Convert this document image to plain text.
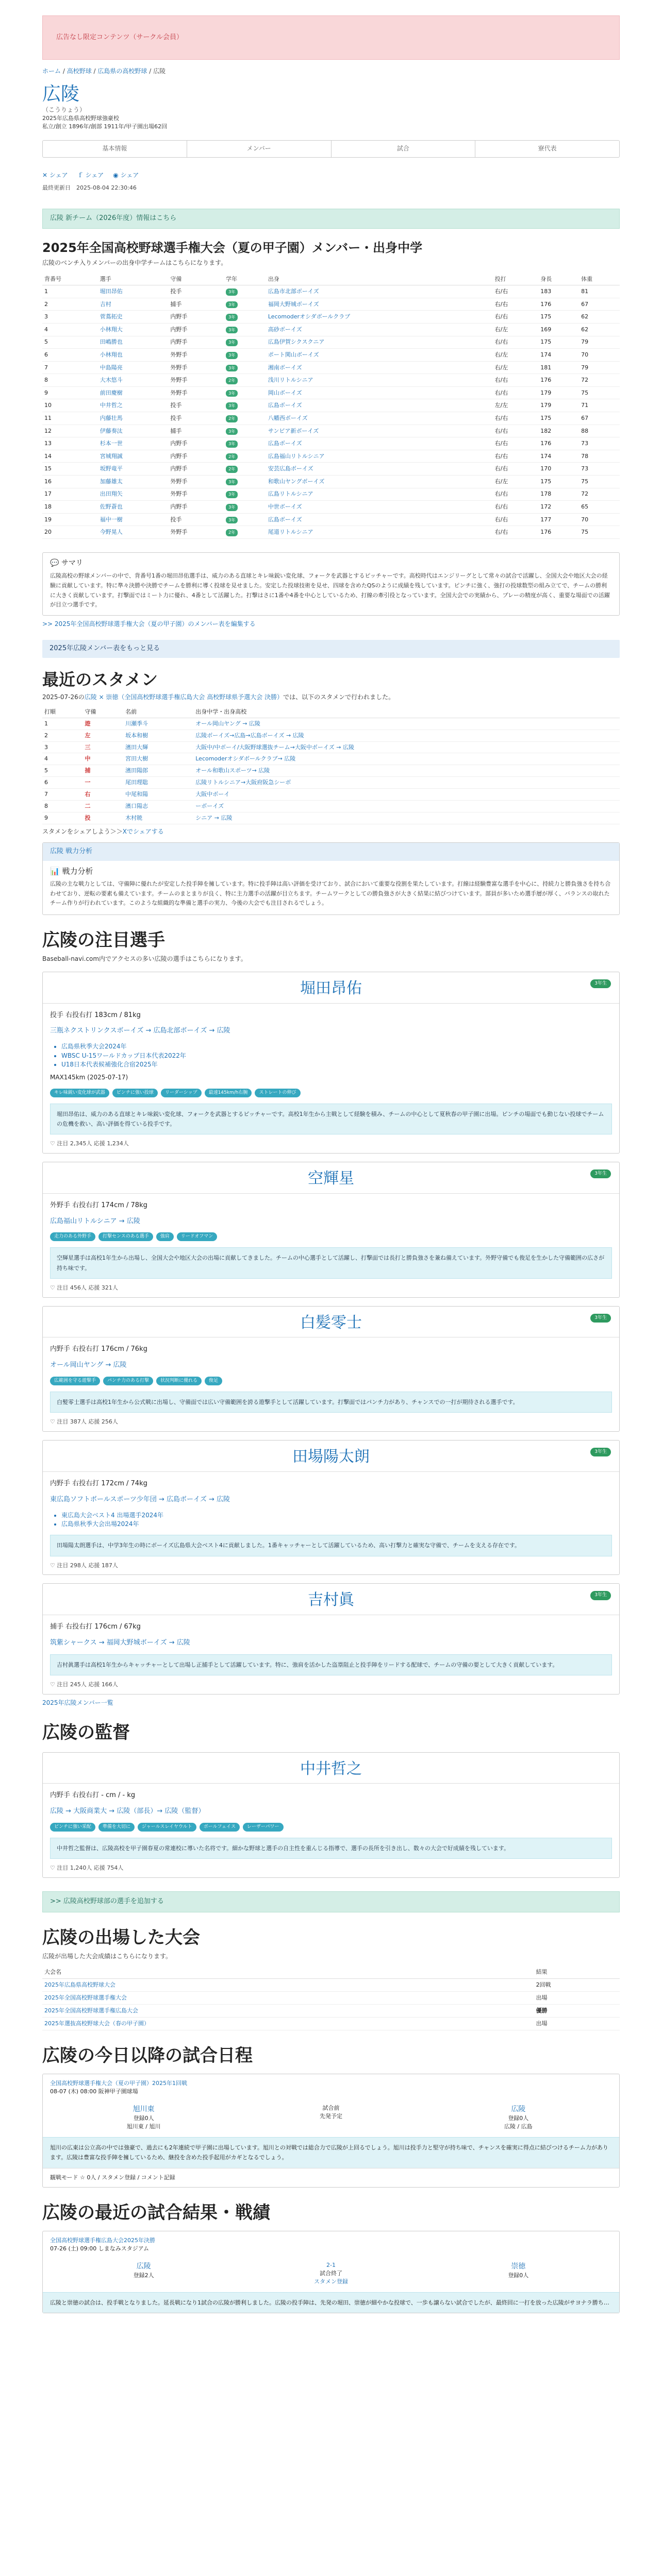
広告なし限定コンテンツ（サークル会員）
ホーム / 高校野球 / 広島県の高校野球 / 広陵
広陵
（こうりょう）
2025年広島県高校野球強豪校
私立/創立 1896年/創部 1911年/甲子園出場62回
基本情報	メンバー	試合	寮代表
✕ シェア ｆ シェア ◉ シェア
最終更新日　 2025-08-04 22:30:46
広陵 新チーム（2026年度）情報はこちら
2025年全国高校野球選手権大会（夏の甲子園）メンバー・出身中学
広陵のベンチ入りメンバーの出身中学チームはこちらになります。
背番号	選手	守備	学年	出身	投打	身長	体重
1	堀田昂佑	投手	3年	広島市北部ボーイズ	右/右	183	81
2	吉村	捕手	3年	福岡大野城ボーイズ	右/右	176	67
3	菅蔦拓史	内野手	3年	Lecomoderオシダボールクラブ	右/右	175	62
4	小林翔大	内野手	3年	高砂ボーイズ	右/左	169	62
5	田嶋勝也	内野手	3年	広島伊賀シクスクニア	右/右	175	79
6	小林翔也	外野手	3年	ポート関山ボーイズ	右/左	174	70
7	中島陽亮	外野手	3年	湘南ボーイズ	右/左	181	79
8	大木悠斗	外野手	2年	浅川リトルシニア	右/右	176	72
9	前田慶樹	外野手	3年	岡山ボーイズ	右/右	179	75
10	中井哲之	投手	3年	広島ボーイズ	左/左	179	71
11	内藤壮馬	投手	2年	八幡西ボーイズ	右/右	175	67
12	伊藤奏汰	捕手	3年	サンビア新ボーイズ	右/右	182	88
13	杉本一世	内野手	3年	広島ボーイズ	右/右	176	73
14	宮城翔誠	内野手	2年	広島福山リトルシニア	右/右	174	78
15	坂野竜平	内野手	2年	安芸広島ボーイズ	右/右	170	73
16	加藤雄太	外野手	3年	和歌山ヤングボーイズ	右/左	175	75
17	出田翔矢	外野手	3年	広島リトルシニア	右/右	178	72
18	佐野蒼也	内野手	3年	中世ボーイズ	右/右	172	65
19	福中一樹	投手	3年	広島ボーイズ	右/右	177	70
20	今野晃人	外野手	2年	尾道リトルシニア	右/右	176	75
💬 サマリ

広陵高校の野球メンバーの中で、背番号1番の堀田昂佑選手は、威力のある直球とキレ味鋭い変化球、フォークを武器とするピッチャーです。高校時代はエンジリーグとして常々の試合で活躍し、全国大会や地区大会の経験に貢献しています。特に準々決勝や決勝でチームを勝利に導く投球を見せました。安定した投球技術を見せ、四球を含めたQSのように成績を残しています。ピンチに強く、強打の投球数型の組み立てで、チームの勝利に大きく貢献しています。打撃面ではミート力に優れ、4番として活躍した。打撃はさに1番や4番を中心としているため、打線の牽引役となっています。全国大会での実績から、プレーの精度が高く、重要な場面での活躍が目立つ選手です。

>> 2025年全国高校野球選手権大会（夏の甲子園）のメンバー表を編集する
2025年広陵メンバー表をもっと見る
最近のスタメン
2025-07-26の広陵 × 崇徳（全国高校野球選手権広島大会 高校野球県予選大会 決勝）では、以下のスタメンで行われました。
打順	守備	名前	出身中学・出身高校
1	遊	川瀬季斗	オール岡山ヤング → 広陵
2	左	坂本和樹	広陵ボーイズ→広島→広島ボーイズ → 広陵
3	三	濱田大輝	大阪中/中ボーイ/大阪野球選抜チーム→大阪中ボーイズ → 広陵
4	中	宮田大樹	Lecomoderオシダボールクラブ→ 広陵
5	捕	濱田陽郎	オール和歌山スポーツ→ 広陵
6	一	尾田理聡	広陵リトルシニア→大阪府阪急シーボ
7	右	中尾和陽	大阪中ボーイ
8	二	濱口陽志	ーボーイズ
9	投	木村暁	シニア → 広陵
スタメンをシェアしよう＞＞Xでシェアする
広陵 戦力分析
📊 戦力分析

広陵の主な戦力としては、守備陣に優れたが安定した投手陣を擁しています。特に投手陣は高い評価を受けており、試合において重要な役割を果たしています。打線は経験豊富な選手を中心に、持続力と勝負強さを持ち合わせており、逆転の要素も備えています。チームのまとまりが良く、特に主力選手の活躍が目立ちます。チームワークとしての勝負強さが大きく結果に結びつけています。部員が多いため選手層が厚く、バランスの取れたチーム作りが行われています。このような組織的な準備と選手の実力、今後の大会でも注目されるでしょう。

広陵の注目選手
Baseball-navi.com内でアクセスの多い広陵の選手はこちらになります。
堀田昂佑	3年生
投手 右投右打 183cm / 81kg
三瓶ネクストリンクスボーイズ → 広島北部ボーイズ → 広陵
• 広島県秋季大会2024年
• WBSC U-15ワールドカップ日本代表2022年
• U18日本代表候補強化合宿2025年
MAX145km (2025-07-17)
キレ味鋭い変化球が武器	ピンチに強い投球	リーダーシップ	最速145km/h右腕	ストレートの伸び
堀田昂佑は、威力のある直球とキレ味鋭い変化球、フォークを武器とするピッチャーです。高校1年生から主戦として経験を積み、チームの中心として夏秋春の甲子園に出場。ピンチの場面でも動じない投球でチームの危機を救い、高い評価を得ている投手です。
♡ 注目 2,345人 応援 1,234人
空輝星	3年生
外野手 右投右打 174cm / 78kg
広島福山リトルシニア → 広陵
走力のある外野手	打撃センスのある選手	強肩	リードオフマン
空輝星選手は高校1年生から出場し、全国大会や地区大会の出場に貢献してきました。チームの中心選手として活躍し、打撃面では長打と勝負強さを兼ね備えています。外野守備でも俊足を生かした守備範囲の広さが持ち味です。
♡ 注目 456人 応援 321人
白髪零士	3年生
内野手 右投右打 176cm / 76kg
オール岡山ヤング → 広陵
広範囲を守る遊撃手	パンチ力のある打撃	状況判断に優れる	俊足
白髪零士選手は高校1年生から公式戦に出場し、守備面では広い守備範囲を誇る遊撃手として活躍しています。打撃面ではパンチ力があり、チャンスでの一打が期待される選手です。
♡ 注目 387人 応援 256人
田場陽太朗	3年生
内野手 右投右打 172cm / 74kg
東広島ソフトボールスポーツ少年団 → 広島ボーイズ → 広陵
• 東広島大会ベスト4 出場選手2024年
• 広島県秋季大会出場2024年
田場陽太朗選手は、中学3年生の時にボーイズ広島県大会ベスト4に貢献しました。1番キャッチャーとして活躍しているため、高い打撃力と確実な守備で、チームを支える存在です。
♡ 注目 298人 応援 187人
吉村眞	3年生
捕手 右投右打 176cm / 67kg
筑紫シャークス → 福岡大野城ボーイズ → 広陵
吉村眞選手は高校1年生からキャッチャーとして出場し正捕手として活躍しています。特に、強肩を活かした盗塁阻止と投手陣をリードする配球で、チームの守備の要として大きく貢献しています。
♡ 注目 245人 応援 166人
2025年広陵メンバー一覧
広陵の監督
中井哲之
内野手 右投右打 - cm / - kg
広陵 → 大阪商業大 → 広陵（部長）→ 広陵（監督）
ピンチに強い采配	準備を大切に	ジャールスレイヤウルト	ボールフェイス	レーザーパワー
中井哲之監督は、広陵高校を甲子園春夏の常連校に導いた名将です。細かな野球と選手の自主性を重んじる指導で、選手の長所を引き出し、数々の大会で好成績を残しています。
♡ 注目 1,240人 応援 754人
>> 広陵高校野球部の選手を追加する
広陵の出場した大会
広陵が出場した大会成績はこちらになります。
大会名	結果
2025年広島県高校野球大会	2回戦
2025年全国高校野球選手権大会	出場
2025年全国高校野球選手権広島大会	優勝
2025年選抜高校野球大会（春の甲子園）	出場
広陵の今日以降の試合日程
全国高校野球選手権大会（夏の甲子園）2025年1回戦
08-07 (木) 08:00 阪神甲子園球場
旭川東
登録0人
旭川東 / 旭川
試合前
先発予定
広陵
登録0人
広陵 / 広島
旭川の広東は公立高の中では強豪で、過去にも2年連続で甲子園に出場しています。旭川との対戦では総合力で広陵が上回るでしょう。旭川は投手力と堅守が持ち味で、チャンスを確実に得点に結びつけるチーム力があります。広陵は豊富な投手陣を擁しているため、継投を含めた投手起用がカギとなるでしょう。
観戦モード ☆ 0人 / スタメン登録 / コメント記録
広陵の最近の試合結果・戦績
全国高校野球選手権広島大会2025年決勝
07-26 (土) 09:00 しまなみスタジアム
広陵
登録2人
2-1
試合終了
スタメン登録
崇徳
登録0人
広陵と崇徳の試合は、投手戦となりました。延長戦になり1試合の広陵が勝利しました。広陵の投手陣は、先発の堀田、崇徳が細やかな投球で、一歩も譲らない試合でしたが、最終回に一打を放った広陵がサヨナラ勝ち…
